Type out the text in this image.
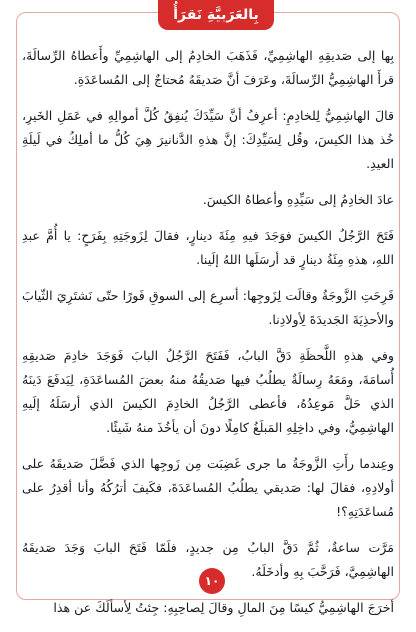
بِالعَرَبيَّةِ نَقرَأُ

بِها إلى صَديقِهِ الهاشِمِيِّ، فَذَهَبَ الخادِمُ إلى الهاشِمِيِّ وأَعطاهُ الرِّسالَةَ، قرأَ الهاشِمِيُّ الرِّسالَةَ، وعَرَفَ أنَّ صَديقَهُ مُحتاجٌ إلى المُساعَدَةِ.

قالَ الهاشِمِيُّ لِلخادِمِ: أعرِفُ أنَّ سَيِّدَكَ يُنفِقُ كُلَّ أموالِهِ في عَمَلِ الخَيرِ، خُذ هذا الكيسَ، وقُل لِسَيِّدِكَ: إنَّ هذهِ الدَّنانيرَ هِيَ كُلُّ ما أملِكُ في لَيلَةِ العيدِ.

عادَ الخادِمُ إلى سَيِّدِهِ وأعطاهُ الكيسَ.

فَتَحَ الرَّجُلُ الكيسَ فوَجَدَ فيهِ مِئَةَ دينارٍ، فقالَ لِزَوجَتِهِ بِفَرَحٍ: يا أُمَّ عبدِ اللهِ، هذهِ مِئَةُ دينارٍ قد أرسَلَها اللهُ إلَينا.

فَرِحَتِ الزَّوجَةُ وقالَت لِزَوجِها: أسرِع إلى السوقِ فَورًا حتّى نَشتَرِيَ الثّيابَ والأحذِيَةَ الجَديدَةَ لِأولادِنا.

وفي هذهِ اللَّحظَةِ دَقَّ البابُ، فَفَتَحَ الرَّجُلُ البابَ فَوَجَدَ خادِمَ صَديقِهِ أُسامَةَ، ومَعَهُ رِسالَةٌ يطلُبُ فيها صَديقُهُ منهُ بعضَ المُساعَدَةِ، لِيَدفَعَ دَينَهُ الذي حَلَّ مَوعِدُهُ، فأعطى الرَّجُلُ الخادِمَ الكيسَ الذي أرسَلَهُ إلَيهِ الهاشِمِيُّ، وفي داخِلِهِ المَبلَغُ كامِلًا دونَ أن يأخُذَ منهُ شَيئًا.

وعِندما رأَتِ الزَّوجَةُ ما جرى غَضِبَت مِن زَوجِها الذي فَضَّلَ صَديقَهُ على أولادِهِ، فقالَ لها: صَديقي يطلُبُ المُساعَدَةَ، فكَيفَ أترُكُهُ وأنا أقدِرُ على مُساعَدَتِهِ؟!

مَرَّت ساعةٌ، ثُمَّ دَقَّ البابُ مِن جديدٍ، فلَمّا فَتَحَ البابَ وَجَدَ صَديقَهُ الهاشِمِيَّ، فَرَحَّبَ بِهِ وأدخَلَهُ.

أخرَجَ الهاشِمِيُّ كيسًا مِنَ المالِ وقالَ لِصاحِبِهِ: جِئتُ لِأسألَكَ عن هذا

١٠
